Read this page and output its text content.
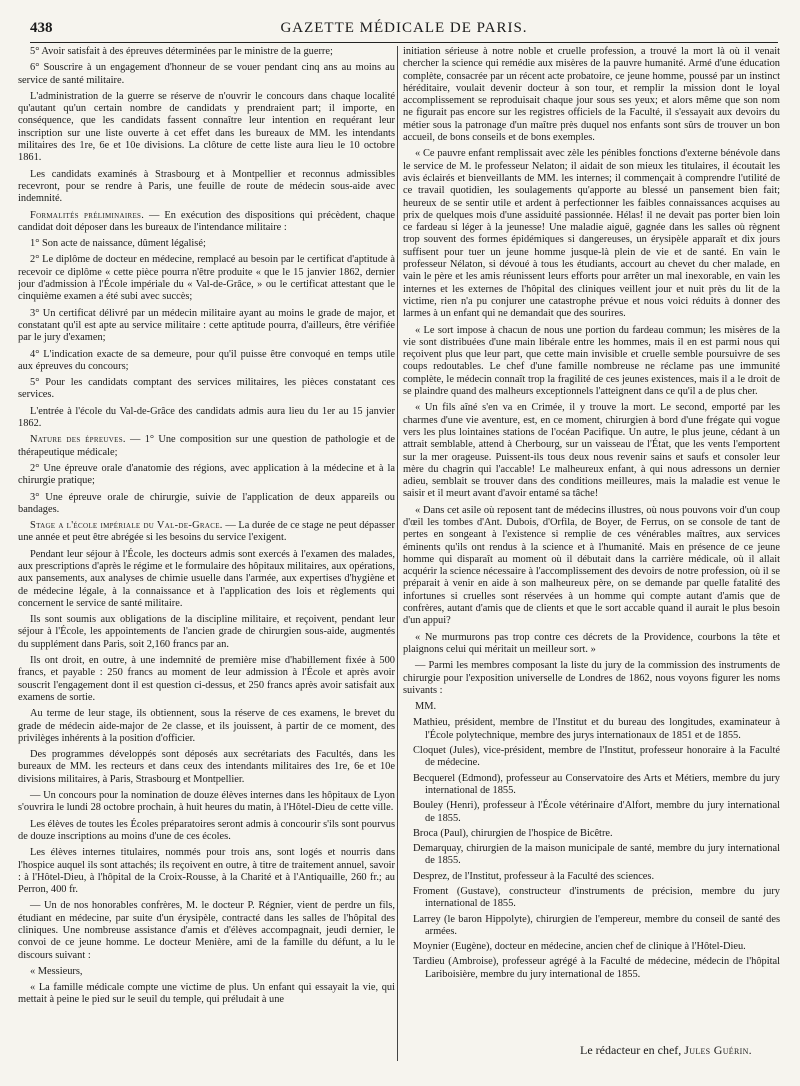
438	GAZETTE MÉDICALE DE PARIS.

5° Avoir satisfait à des épreuves déterminées par le ministre de la guerre;

6° Souscrire à un engagement d'honneur de se vouer pendant cinq ans au moins au service de santé militaire.

L'administration de la guerre se réserve de n'ouvrir le concours dans chaque localité qu'autant qu'un certain nombre de candidats y prendraient part; il importe, en conséquence, que les candidats fassent connaître leur intention en requérant leur inscription sur une liste ouverte à cet effet dans les bureaux de MM. les intendants militaires des 1re, 6e et 10e divisions. La clôture de cette liste aura lieu le 10 octobre 1861.

Les candidats examinés à Strasbourg et à Montpellier et reconnus admissibles recevront, pour se rendre à Paris, une feuille de route de médecin sous-aide avec indemnité.

Formalités préliminaires. — En exécution des dispositions qui précèdent, chaque candidat doit déposer dans les bureaux de l'intendance militaire :

1° Son acte de naissance, dûment légalisé;

2° Le diplôme de docteur en médecine, remplacé au besoin par le certificat d'aptitude à recevoir ce diplôme « cette pièce pourra n'être produite « que le 15 janvier 1862, dernier jour d'admission à l'École impériale du « Val-de-Grâce, » ou le certificat attestant que le cinquième examen a été subi avec succès;

3° Un certificat délivré par un médecin militaire ayant au moins le grade de major, et constatant qu'il est apte au service militaire : cette aptitude pourra, d'ailleurs, être vérifiée par le jury d'examen;

4° L'indication exacte de sa demeure, pour qu'il puisse être convoqué en temps utile aux épreuves du concours;

5° Pour les candidats comptant des services militaires, les pièces constatant ces services.

L'entrée à l'école du Val-de-Grâce des candidats admis aura lieu du 1er au 15 janvier 1862.

Nature des épreuves. — 1° Une composition sur une question de pathologie et de thérapeutique médicale;

2° Une épreuve orale d'anatomie des régions, avec application à la médecine et à la chirurgie pratique;

3° Une épreuve orale de chirurgie, suivie de l'application de deux appareils ou bandages.

Stage a l'école impériale du Val-de-Grace. — La durée de ce stage ne peut dépasser une année et peut être abrégée si les besoins du service l'exigent.

Pendant leur séjour à l'École, les docteurs admis sont exercés à l'examen des malades, aux prescriptions d'après le régime et le formulaire des hôpitaux militaires, aux opérations, aux pansements, aux analyses de chimie usuelle dans l'armée, aux expertises d'hygiène et de médecine légale, à la connaissance et à l'application des lois et règlements qui concernent le service de santé militaire.

Ils sont soumis aux obligations de la discipline militaire, et reçoivent, pendant leur séjour à l'École, les appointements de l'ancien grade de chirurgien sous-aide, augmentés du supplément dans Paris, soit 2,160 francs par an.

Ils ont droit, en outre, à une indemnité de première mise d'habillement fixée à 500 francs, et payable : 250 francs au moment de leur admission à l'École et après avoir souscrit l'engagement dont il est question ci-dessus, et 250 francs après avoir satisfait aux examens de sortie.

Au terme de leur stage, ils obtiennent, sous la réserve de ces examens, le brevet du grade de médecin aide-major de 2e classe, et ils jouissent, à partir de ce moment, des privilèges inhérents à la position d'officier.

Des programmes développés sont déposés aux secrétariats des Facultés, dans les bureaux de MM. les recteurs et dans ceux des intendants militaires des 1re, 6e et 10e divisions militaires, à Paris, Strasbourg et Montpellier.

— Un concours pour la nomination de douze élèves internes dans les hôpitaux de Lyon s'ouvrira le lundi 28 octobre prochain, à huit heures du matin, à l'Hôtel-Dieu de cette ville.

Les élèves de toutes les Écoles préparatoires seront admis à concourir s'ils sont pourvus de douze inscriptions au moins d'une de ces écoles.

Les élèves internes titulaires, nommés pour trois ans, sont logés et nourris dans l'hospice auquel ils sont attachés; ils reçoivent en outre, à titre de traitement annuel, savoir : à l'Hôtel-Dieu, à l'hôpital de la Croix-Rousse, à la Charité et à l'Antiquaille, 260 fr.; au Perron, 400 fr.

— Un de nos honorables confrères, M. le docteur P. Régnier, vient de perdre un fils, étudiant en médecine, par suite d'un érysipèle, contracté dans les salles de l'hôpital des cliniques. Une nombreuse assistance d'amis et d'élèves accompagnait, jeudi dernier, le convoi de ce jeune homme. Le docteur Menière, ami de la famille du défunt, a lu le discours suivant :

« Messieurs,

« La famille médicale compte une victime de plus. Un enfant qui essayait la vie, qui mettait à peine le pied sur le seuil du temple, qui préludait à une

initiation sérieuse à notre noble et cruelle profession, a trouvé la mort là où il venait chercher la science qui remédie aux misères de la pauvre humanité. Armé d'une éducation complète, consacrée par un récent acte probatoire, ce jeune homme, poussé par un instinct héréditaire, voulait devenir docteur à son tour, et remplir la mission dont le loyal accomplissement se reproduisait chaque jour sous ses yeux; et alors même que son nom ne figurait pas encore sur les registres officiels de la Faculté, il s'essayait aux devoirs du métier sous la patronage d'un maître près duquel nos enfants sont sûrs de trouver un bon accueil, de bons conseils et de bons exemples.

« Ce pauvre enfant remplissait avec zèle les pénibles fonctions d'externe bénévole dans le service de M. le professeur Nelaton; il aidait de son mieux les titulaires, il écoutait les avis éclairés et bienveillants de MM. les internes; il commençait à comprendre l'utilité de ce travail quotidien, les soulagements qu'apporte au blessé un pansement bien fait; heureux de se sentir utile et ardent à perfectionner les faibles connaissances acquises au prix de quelques mois d'une assiduité passionnée. Hélas! il ne devait pas porter bien loin ce fardeau si léger à la jeunesse! Une maladie aiguë, gagnée dans les salles où règnent trop souvent des formes épidémiques si dangereuses, un érysipèle apparaît et dix jours suffisent pour tuer un jeune homme jusque-là plein de vie et de santé. En vain le professeur Nélaton, si dévoué à tous les étudiants, accourt au chevet du cher malade, en vain le père et les amis réunissent leurs efforts pour arrêter un mal inexorable, en vain les internes et les externes de l'hôpital des cliniques veillent jour et nuit près du lit de la victime, rien n'a pu conjurer une catastrophe prévue et nous voici réduits à donner des larmes à un enfant qui ne demandait que des sourires.

« Le sort impose à chacun de nous une portion du fardeau commun; les misères de la vie sont distribuées d'une main libérale entre les hommes, mais il en est parmi nous qui reçoivent plus que leur part, que cette main invisible et cruelle semble poursuivre de ses coups redoutables. Le chef d'une famille nombreuse ne réclame pas une immunité complète, le médecin connaît trop la fragilité de ces jeunes existences, mais il a le droit de se plaindre quand des malheurs exceptionnels l'atteignent dans ce qu'il a de plus cher.

« Un fils aîné s'en va en Crimée, il y trouve la mort. Le second, emporté par les charmes d'une vie aventure, est, en ce moment, chirurgien à bord d'une frégate qui vogue vers les plus lointaines stations de l'océan Pacifique. Un autre, le plus jeune, cédant à un attrait semblable, attend à Cherbourg, sur un vaisseau de l'État, que les vents l'emportent sur la mer orageuse. Puissent-ils tous deux nous revenir sains et saufs et consoler leur mère du chagrin qui l'accable! Le malheureux enfant, à qui nous adressons un dernier adieu, semblait se trouver dans des conditions meilleures, mais la maladie est venue le saisir et il meurt avant d'avoir entamé sa tâche!

« Dans cet asile où reposent tant de médecins illustres, où nous pouvons voir d'un coup d'œil les tombes d'Ant. Dubois, d'Orfila, de Boyer, de Ferrus, on se console de tant de pertes en songeant à l'existence si remplie de ces vénérables maîtres, aux services éminents qu'ils ont rendus à la science et à l'humanité. Mais en présence de ce jeune homme qui disparaît au moment où il débutait dans la carrière médicale, où il allait acquérir la science nécessaire à l'accomplissement des devoirs de notre profession, où il se préparait à venir en aide à son malheureux père, on se demande par quelle fatalité des infortunes si cruelles sont réservées à un homme qui compte autant d'amis que de confrères, autant d'amis que de clients et que le sort accable quand il aurait le plus besoin d'un appui?

« Ne murmurons pas trop contre ces décrets de la Providence, courbons la tête et plaignons celui qui méritait un meilleur sort. »

— Parmi les membres composant la liste du jury de la commission des instruments de chirurgie pour l'exposition universelle de Londres de 1862, nous voyons figurer les noms suivants :

MM.

Mathieu, président, membre de l'Institut et du bureau des longitudes, examinateur à l'École polytechnique, membre des jurys internationaux de 1851 et de 1855.

Cloquet (Jules), vice-président, membre de l'Institut, professeur honoraire à la Faculté de médecine.

Becquerel (Edmond), professeur au Conservatoire des Arts et Métiers, membre du jury international de 1855.

Bouley (Henri), professeur à l'École vétérinaire d'Alfort, membre du jury international de 1855.

Broca (Paul), chirurgien de l'hospice de Bicêtre.

Demarquay, chirurgien de la maison municipale de santé, membre du jury international de 1855.

Desprez, de l'Institut, professeur à la Faculté des sciences.

Froment (Gustave), constructeur d'instruments de précision, membre du jury international de 1855.

Larrey (le baron Hippolyte), chirurgien de l'empereur, membre du conseil de santé des armées.

Moynier (Eugène), docteur en médecine, ancien chef de clinique à l'Hôtel-Dieu.

Tardieu (Ambroise), professeur agrégé à la Faculté de médecine, médecin de l'hôpital Lariboisière, membre du jury international de 1855.

Le rédacteur en chef, Jules Guérin.
